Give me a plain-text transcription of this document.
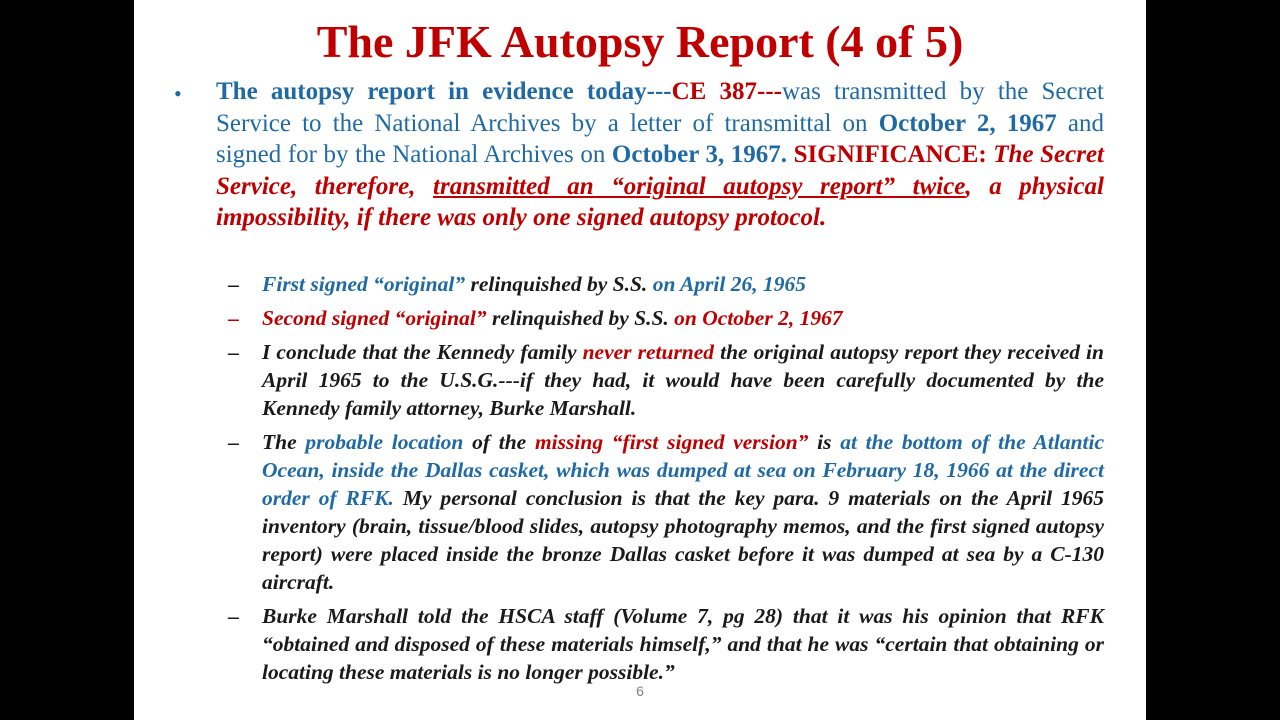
The JFK Autopsy Report (4 of 5)
• The autopsy report in evidence today---CE 387---was transmitted by the Secret Service to the National Archives by a letter of transmittal on October 2, 1967 and signed for by the National Archives on October 3, 1967. SIGNIFICANCE: The Secret Service, therefore, transmitted an “original autopsy report” twice, a physical impossibility, if there was only one signed autopsy protocol.
– First signed “original” relinquished by S.S. on April 26, 1965
– Second signed “original” relinquished by S.S. on October 2, 1967
– I conclude that the Kennedy family never returned the original autopsy report they received in April 1965 to the U.S.G.---if they had, it would have been carefully documented by the Kennedy family attorney, Burke Marshall.
– The probable location of the missing “first signed version” is at the bottom of the Atlantic Ocean, inside the Dallas casket, which was dumped at sea on February 18, 1966 at the direct order of RFK. My personal conclusion is that the key para. 9 materials on the April 1965 inventory (brain, tissue/blood slides, autopsy photography memos, and the first signed autopsy report) were placed inside the bronze Dallas casket before it was dumped at sea by a C-130 aircraft.
– Burke Marshall told the HSCA staff (Volume 7, pg 28) that it was his opinion that RFK “obtained and disposed of these materials himself,” and that he was “certain that obtaining or locating these materials is no longer possible.”
6
